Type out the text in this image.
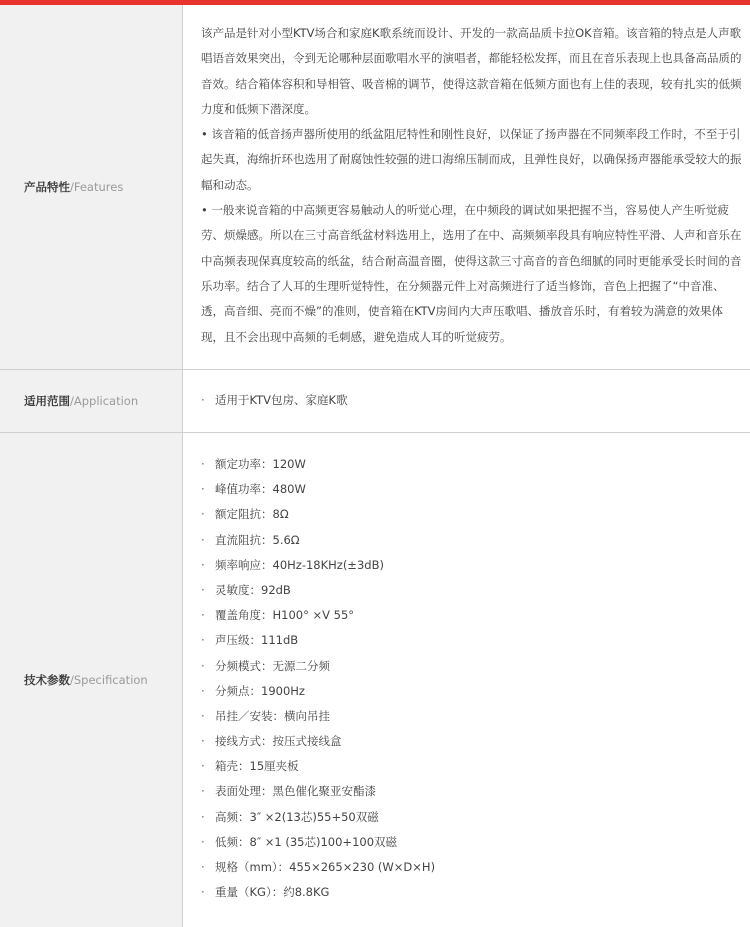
产品特性 / Features

该产品是针对小型KTV场合和家庭K歌系统而设计、开发的一款高品质卡拉OK音箱。该音箱的特点是人声歌唱语音效果突出，令到无论哪种层面歌唱水平的演唱者，都能轻松发挥，而且在音乐表现上也具备高品质的音效。结合箱体容积和导相管、吸音棉的调节，使得这款音箱在低频方面也有上佳的表现，较有扎实的低频力度和低频下潜深度。

• 该音箱的低音扬声器所使用的纸盆阻尼特性和刚性良好，以保证了扬声器在不同频率段工作时，不至于引起失真，海绵折环也选用了耐腐蚀性较强的进口海绵压制而成，且弹性良好，以确保扬声器能承受较大的振幅和动态。

• 一般来说音箱的中高频更容易触动人的听觉心理，在中频段的调试如果把握不当，容易使人产生听觉疲劳、烦燥感。所以在三寸高音纸盆材料选用上，选用了在中、高频频率段具有响应特性平滑、人声和音乐在中高频表现保真度较高的纸盆，结合耐高温音圈，使得这款三寸高音的音色细腻的同时更能承受长时间的音乐功率。结合了人耳的生理听觉特性，在分频器元件上对高频进行了适当修饰，音色上把握了“中音准、透，高音细、亮而不燥”的准则，使音箱在KTV房间内大声压歌唱、播放音乐时，有着较为满意的效果体现，且不会出现中高频的毛刺感，避免造成人耳的听觉疲劳。

适用范围 / Application	· 适用于KTV包房、家庭K歌
技术参数 / Specification
· 额定功率：120W
· 峰值功率：480W
· 额定阻抗：8Ω
· 直流阻抗：5.6Ω
· 频率响应：40Hz-18KHz(±3dB)
· 灵敏度：92dB
· 覆盖角度：H100° ×V 55°
· 声压级：111dB
· 分频模式：无源二分频
· 分频点：1900Hz
· 吊挂／安装：横向吊挂
· 接线方式：按压式接线盒
· 箱壳：15厘夹板
· 表面处理：黑色催化聚亚安酯漆
· 高频：3″ ×2(13芯)55+50双磁
· 低频：8″ ×1 (35芯)100+100双磁
· 规格（mm）：455×265×230 (W×D×H)
· 重量（KG）：约8.8KG
